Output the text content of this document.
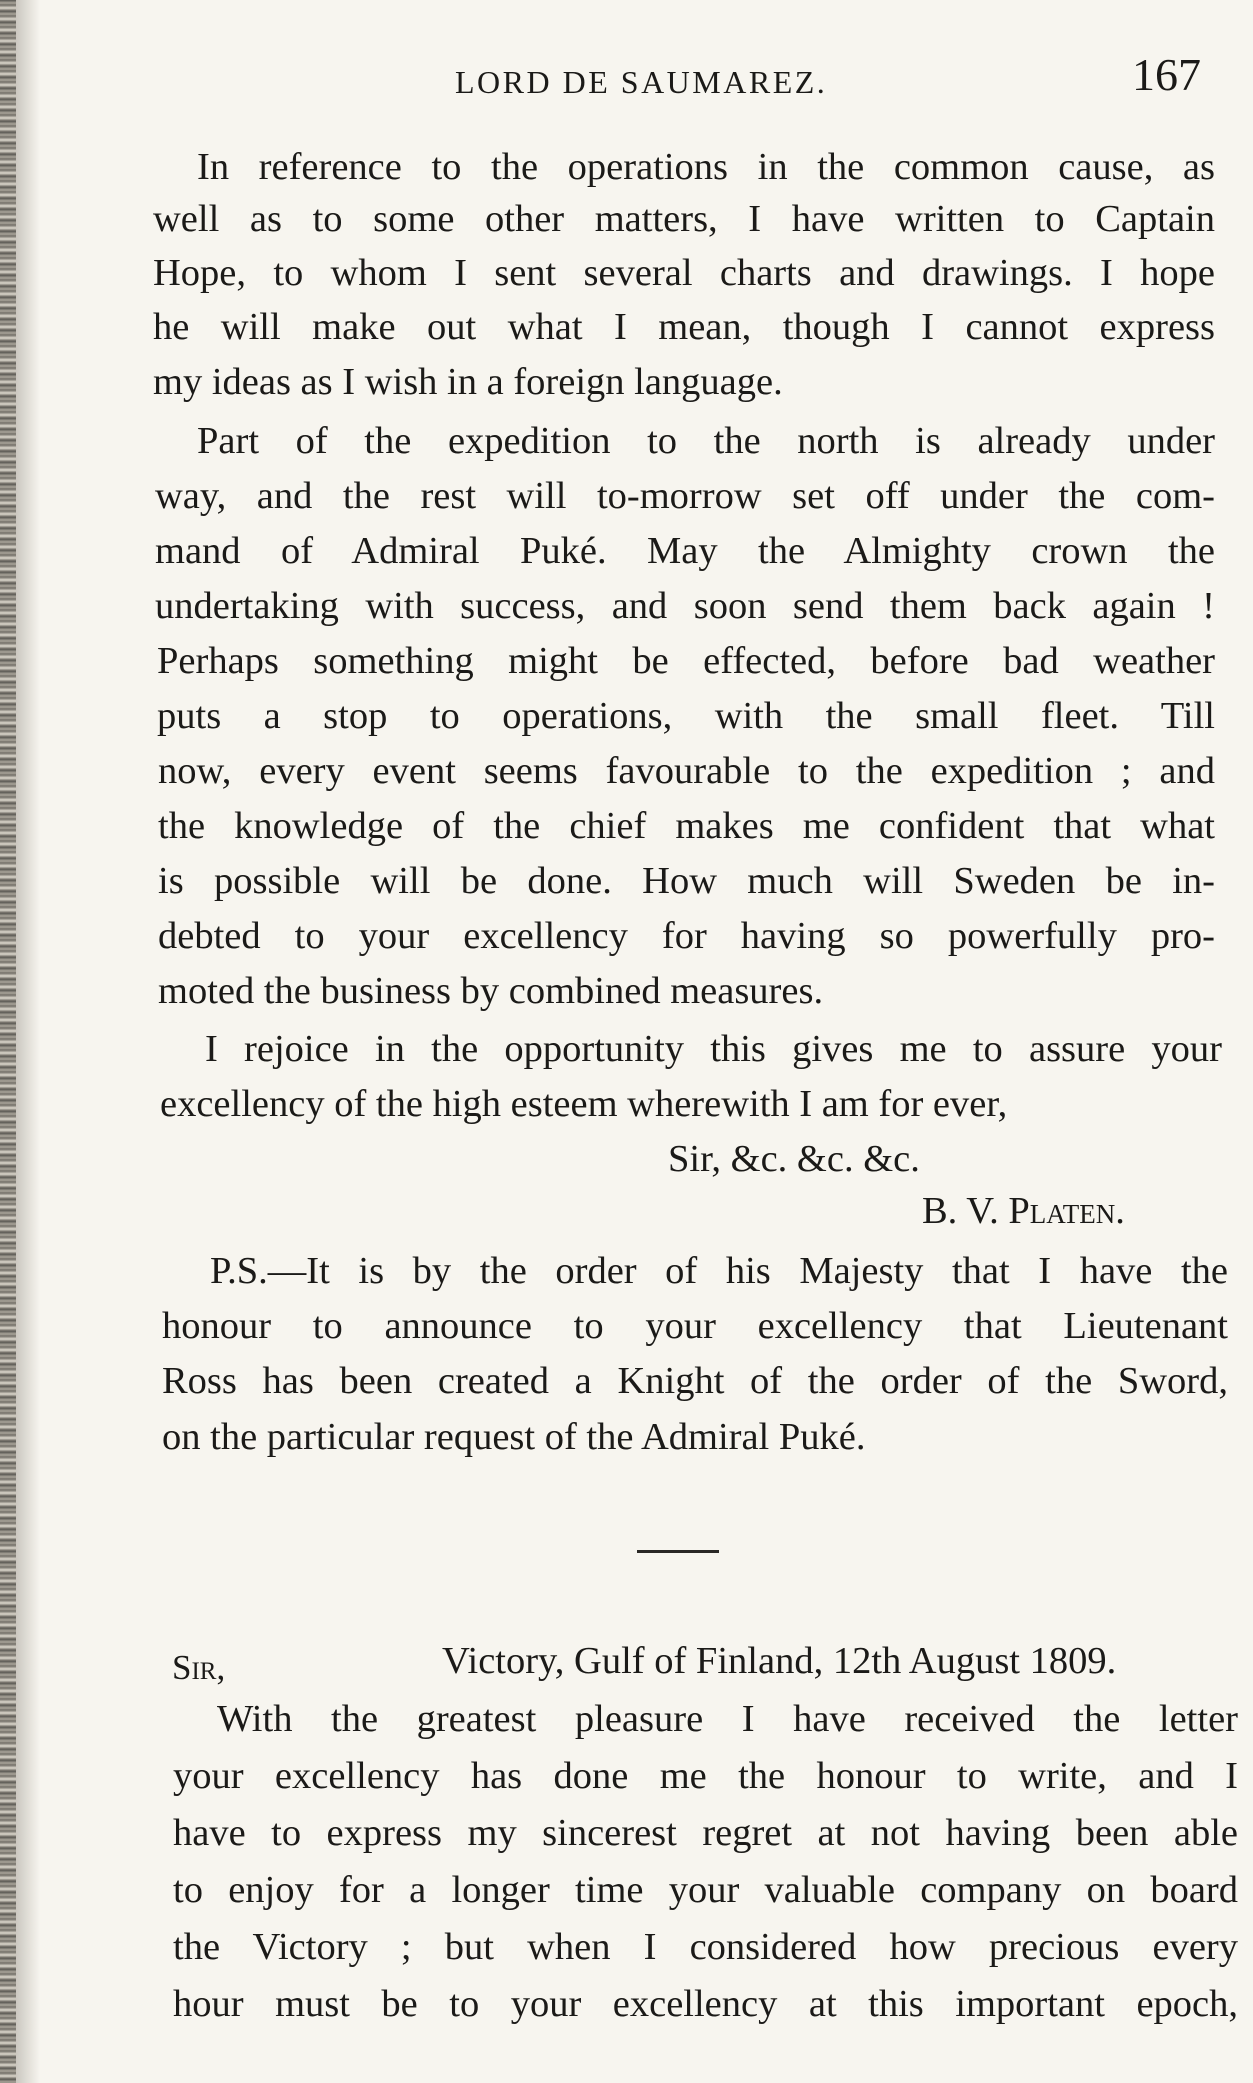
LORD DE SAUMAREZ.	167
In reference to the operations in the common cause, as
well as to some other matters, I have written to Captain
Hope, to whom I sent several charts and drawings. I hope
he will make out what I mean, though I cannot express
my ideas as I wish in a foreign language.
Part of the expedition to the north is already under
way, and the rest will to-morrow set off under the com-
mand of Admiral Puké. May the Almighty crown the
undertaking with success, and soon send them back again !
Perhaps something might be effected, before bad weather
puts a stop to operations, with the small fleet. Till
now, every event seems favourable to the expedition ; and
the knowledge of the chief makes me confident that what
is possible will be done. How much will Sweden be in-
debted to your excellency for having so powerfully pro-
moted the business by combined measures.
I rejoice in the opportunity this gives me to assure your
excellency of the high esteem wherewith I am for ever,
Sir, &c. &c. &c.
B. V. Platen.
P.S.—It is by the order of his Majesty that I have the
honour to announce to your excellency that Lieutenant
Ross has been created a Knight of the order of the Sword,
on the particular request of the Admiral Puké.
Sir,	Victory, Gulf of Finland, 12th August 1809.
With the greatest pleasure I have received the letter
your excellency has done me the honour to write, and I
have to express my sincerest regret at not having been able
to enjoy for a longer time your valuable company on board
the Victory ; but when I considered how precious every
hour must be to your excellency at this important epoch,
